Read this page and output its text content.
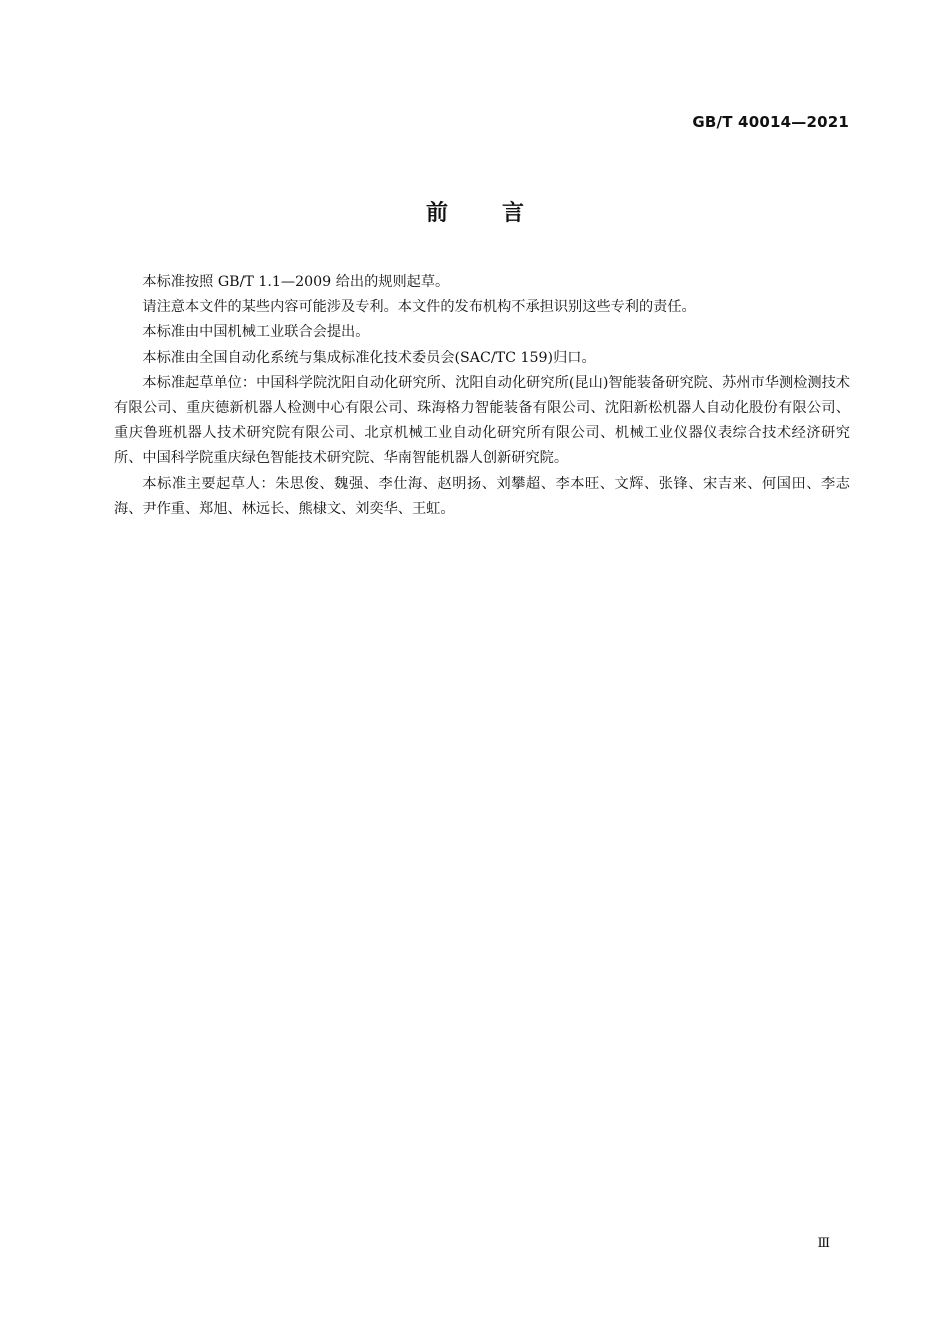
GB/T 40014—2021
前言

本标准按照 GB/T 1.1—2009 给出的规则起草。

请注意本文件的某些内容可能涉及专利。本文件的发布机构不承担识别这些专利的责任。

本标准由中国机械工业联合会提出。

本标准由全国自动化系统与集成标准化技术委员会(SAC/TC 159)归口。

本标准起草单位：中国科学院沈阳自动化研究所、沈阳自动化研究所(昆山)智能装备研究院、苏州市华测检测技术有限公司、重庆德新机器人检测中心有限公司、珠海格力智能装备有限公司、沈阳新松机器人自动化股份有限公司、重庆鲁班机器人技术研究院有限公司、北京机械工业自动化研究所有限公司、机械工业仪器仪表综合技术经济研究所、中国科学院重庆绿色智能技术研究院、华南智能机器人创新研究院。

本标准主要起草人：朱思俊、魏强、李仕海、赵明扬、刘攀超、李本旺、文辉、张锋、宋吉来、何国田、李志海、尹作重、郑旭、林远长、熊棣文、刘奕华、王虹。

Ⅲ
